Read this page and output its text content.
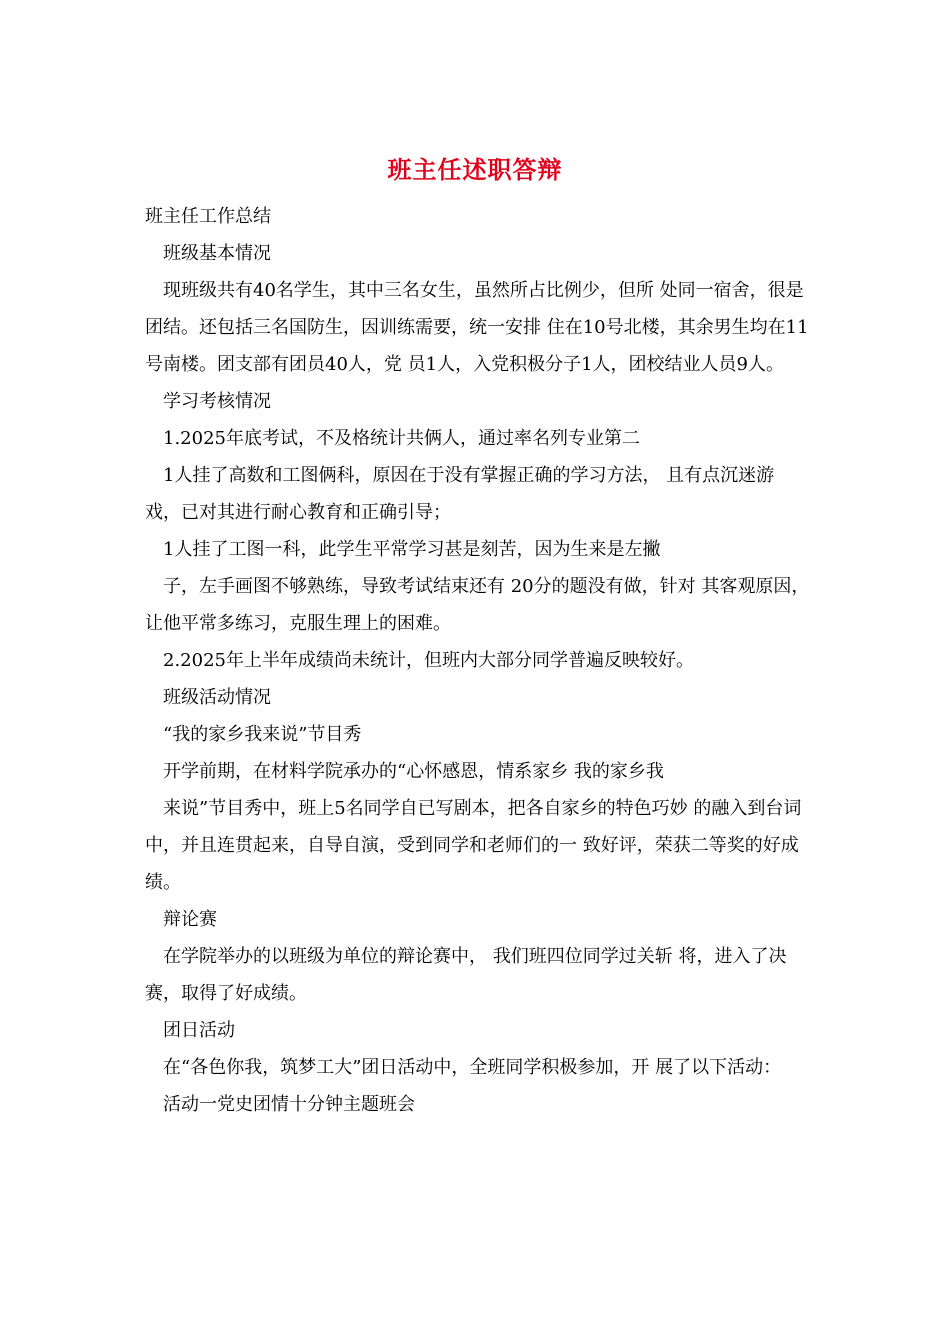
班主任述职答辩
班主任工作总结
班级基本情况
现班级共有40名学生，其中三名女生，虽然所占比例少，但所 处同一宿舍，很是团结。还包括三名国防生，因训练需要，统一安排 住在10号北楼，其余男生均在11号南楼。团支部有团员40人，党 员1人，入党积极分子1人，团校结业人员9人。
学习考核情况
1.2025年底考试，不及格统计共俩人，通过率名列专业第二
1人挂了高数和工图俩科，原因在于没有掌握正确的学习方法， 且有点沉迷游戏，已对其进行耐心教育和正确引导；
1人挂了工图一科，此学生平常学习甚是刻苦，因为生来是左撇
子，左手画图不够熟练，导致考试结束还有 20分的题没有做，针对 其客观原因，让他平常多练习，克服生理上的困难。
2.2025年上半年成绩尚未统计，但班内大部分同学普遍反映较好。
班级活动情况
“我的家乡我来说”节目秀
开学前期，在材料学院承办的“心怀感恩，情系家乡 我的家乡我
来说”节目秀中，班上5名同学自已写剧本，把各自家乡的特色巧妙 的融入到台词中，并且连贯起来，自导自演，受到同学和老师们的一 致好评，荣获二等奖的好成绩。
辩论赛
在学院举办的以班级为单位的辩论赛中， 我们班四位同学过关斩 将，进入了决赛，取得了好成绩。
团日活动
在“各色你我，筑梦工大”团日活动中，全班同学积极参加，开 展了以下活动：
活动一党史团情十分钟主题班会
